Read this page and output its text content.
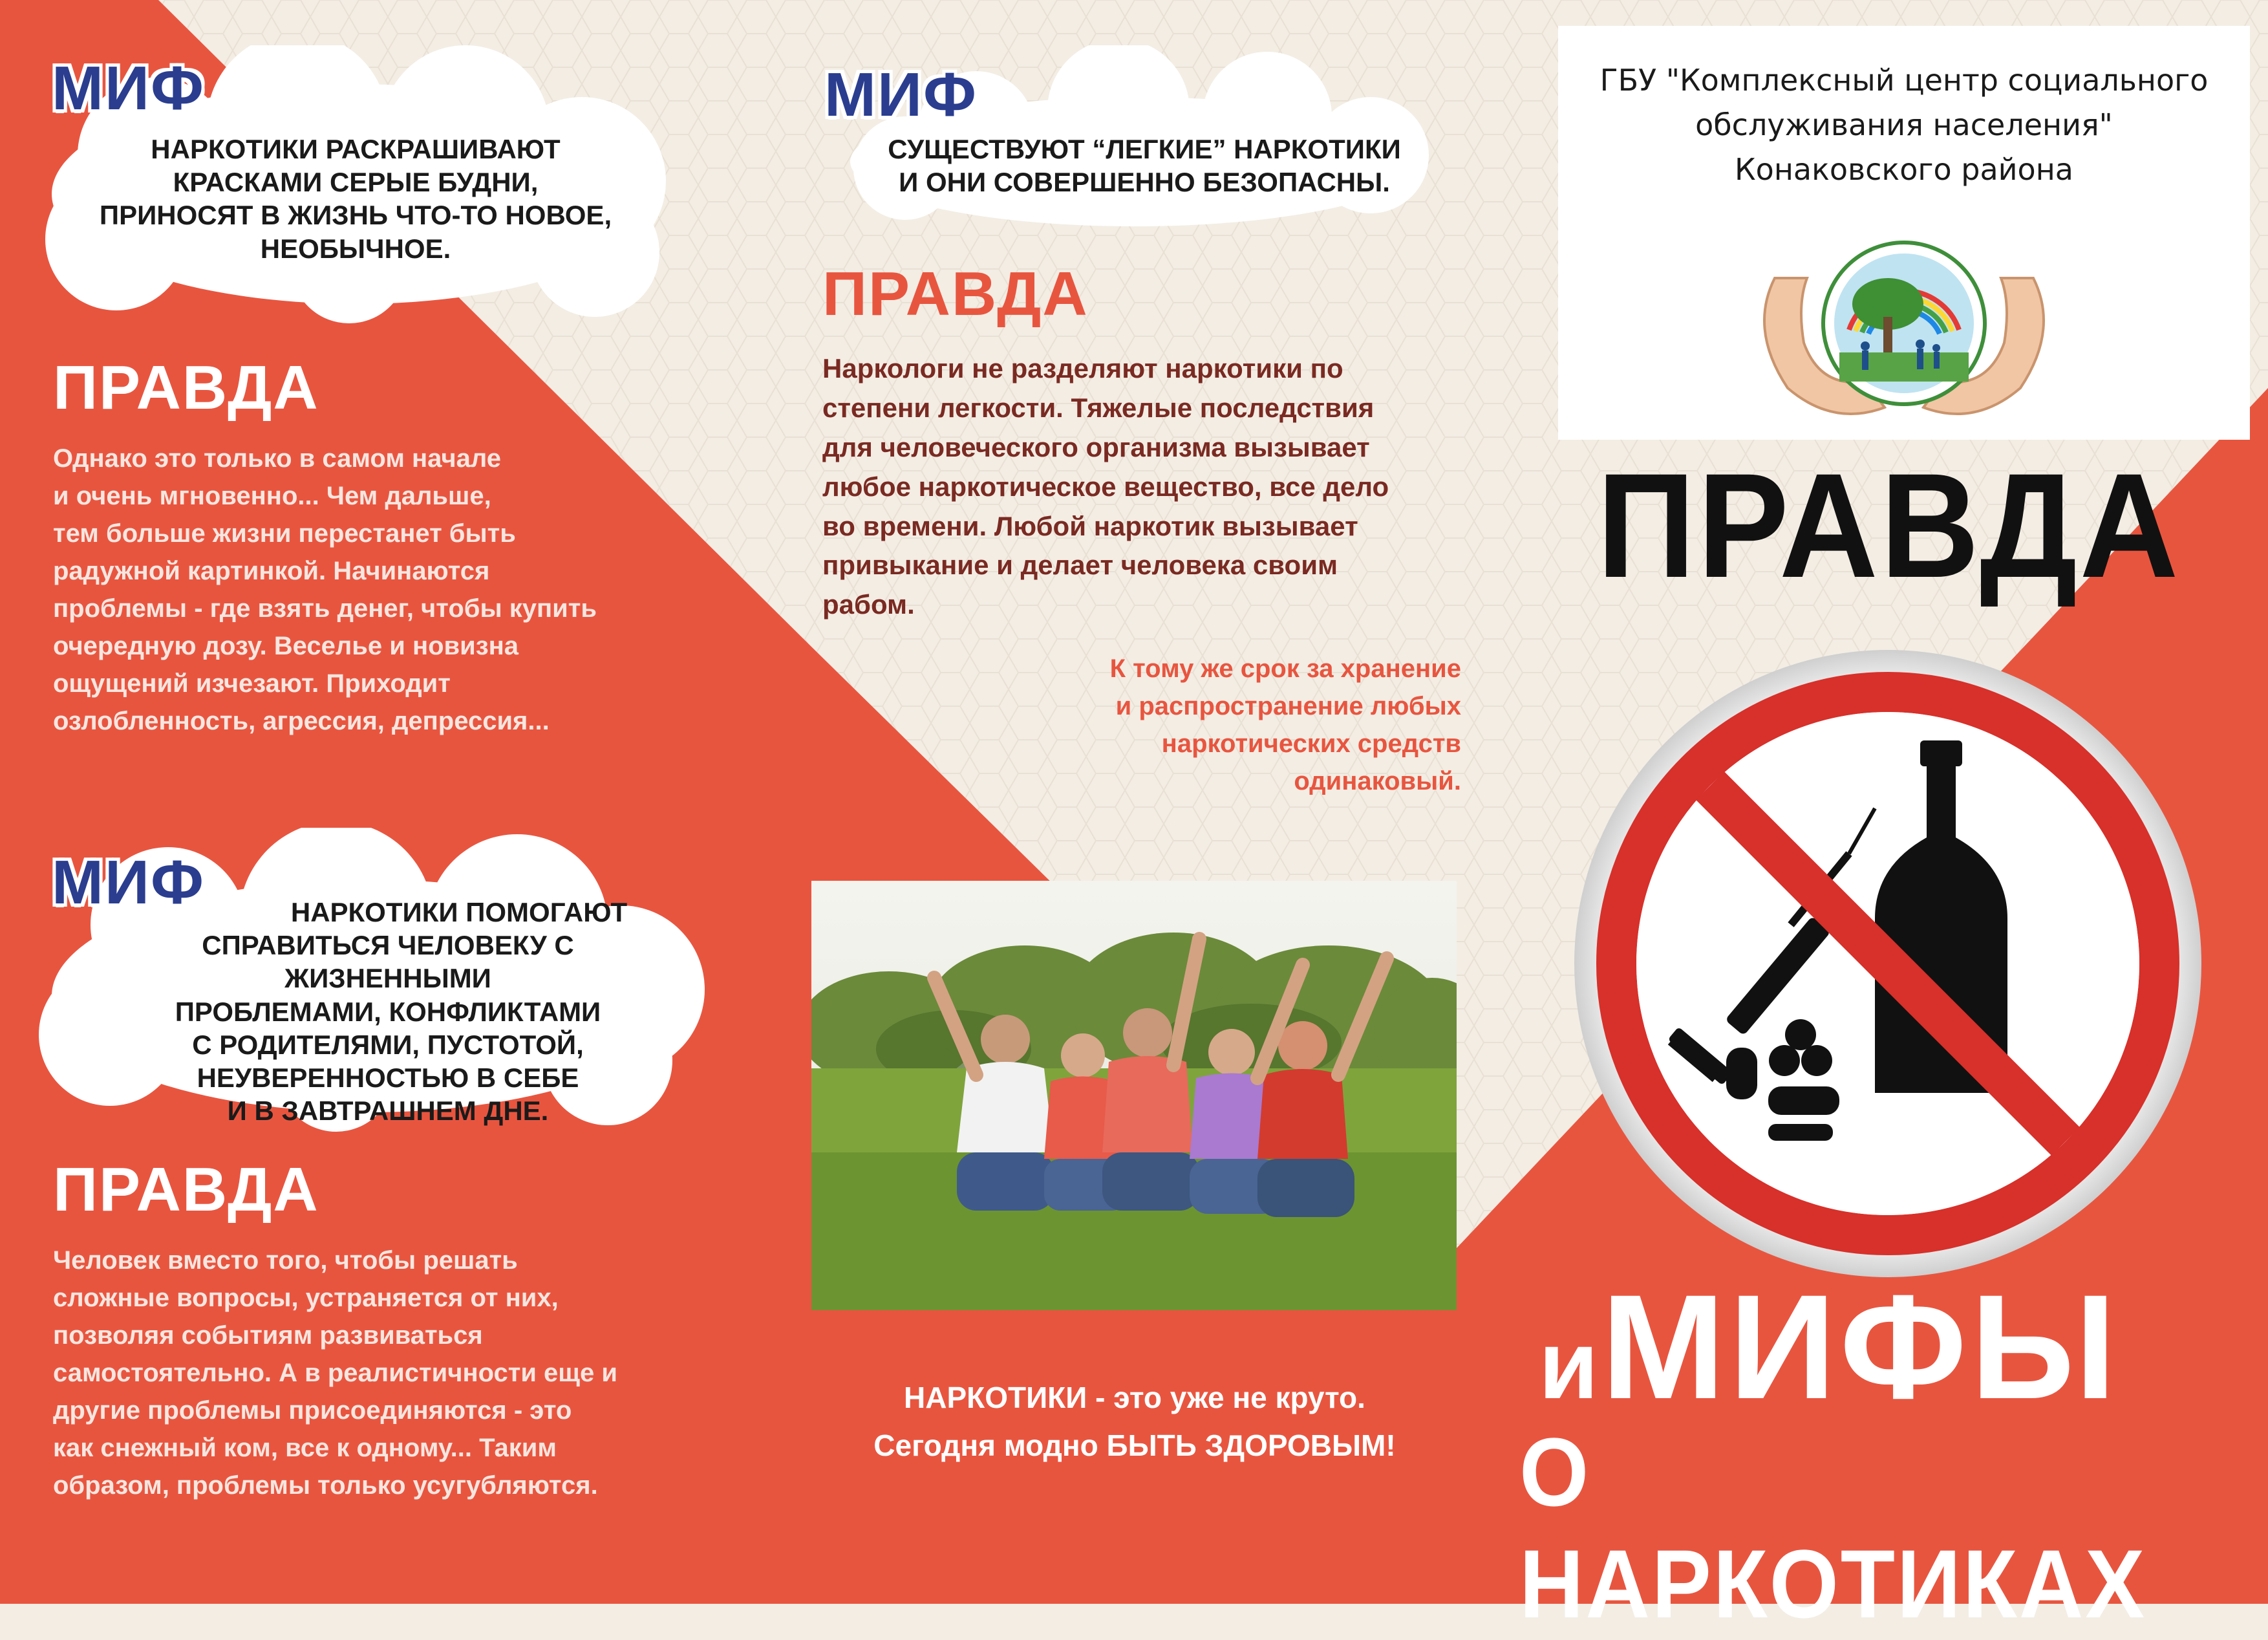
МИФ
НАРКОТИКИ РАСКРАШИВАЮТ
КРАСКАМИ СЕРЫЕ БУДНИ,
ПРИНОСЯТ В ЖИЗНЬ ЧТО-ТО НОВОЕ,
НЕОБЫЧНОЕ.
ПРАВДА
Однако это только в самом начале
и очень мгновенно... Чем дальше,
тем больше жизни перестанет быть
радужной картинкой. Начинаются
проблемы - где взять денег, чтобы купить
очередную дозу. Веселье и новизна
ощущений изчезают. Приходит
озлобленность, агрессия, депрессия...
МИФ	НАРКОТИКИ ПОМОГАЮТ
СПРАВИТЬСЯ ЧЕЛОВЕКУ С ЖИЗНЕННЫМИ
ПРОБЛЕМАМИ, КОНФЛИКТАМИ
С РОДИТЕЛЯМИ, ПУСТОТОЙ,
НЕУВЕРЕННОСТЬЮ В СЕБЕ
И В ЗАВТРАШНЕМ ДНЕ.
ПРАВДА
Человек вместо того, чтобы решать
сложные вопросы, устраняется от них,
позволяя событиям развиваться
самостоятельно. А в реалистичности еще и
другие проблемы присоединяются - это
как снежный ком, все к одному... Таким
образом, проблемы только усугубляются.
МИФ
СУЩЕСТВУЮТ “ЛЕГКИЕ” НАРКОТИКИ
И ОНИ СОВЕРШЕННО БЕЗОПАСНЫ.
ПРАВДА
Наркологи не разделяют наркотики по
степени легкости. Тяжелые последствия
для человеческого организма вызывает
любое наркотическое вещество, все дело
во времени. Любой наркотик вызывает
привыкание и делает человека своим
рабом.
К тому же срок за хранение
и распространение любых
наркотических средств
одинаковый.
НАРКОТИКИ - это уже не круто.
Сегодня модно БЫТЬ ЗДОРОВЫМ!
ГБУ "Комплексный центр социального
обслуживания населения"
Конаковского района
ПРАВДА
и МИФЫ
О НАРКОТИКАХ
